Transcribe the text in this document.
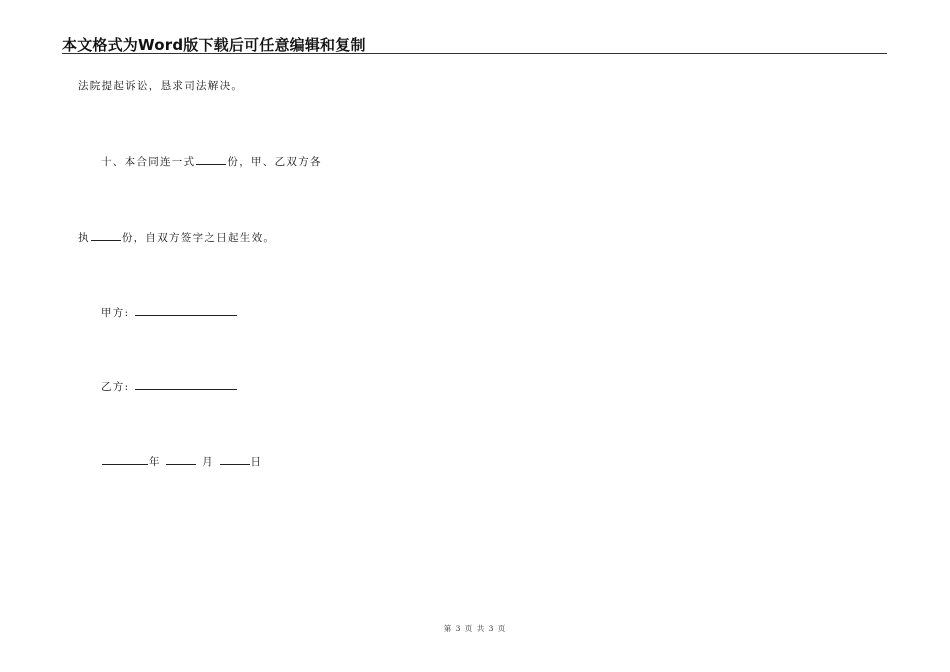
本文格式为Word版下载后可任意编辑和复制
法院提起诉讼，恳求司法解决。
十、本合同连一式	份，甲、乙双方各
执	份，自双方签字之日起生效。
甲方:
乙方:
年	月	日
第 3 页 共 3 页
